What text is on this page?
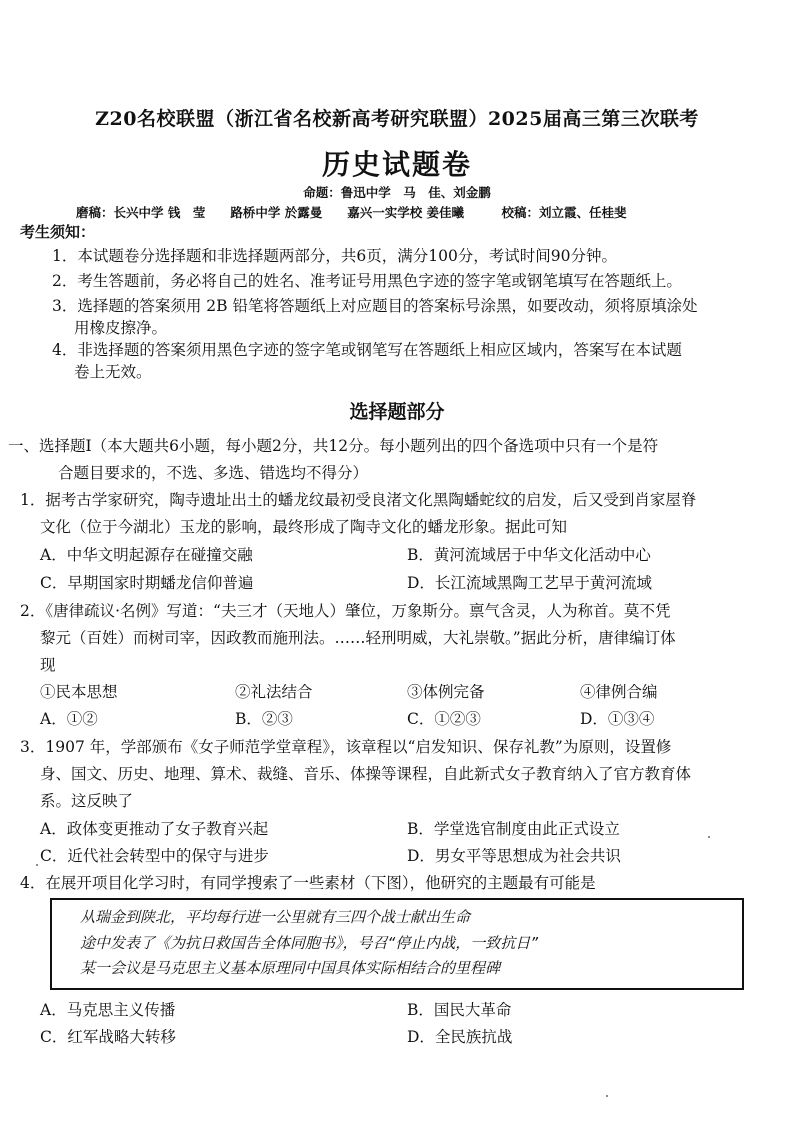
Z20名校联盟（浙江省名校新高考研究联盟）2025届高三第三次联考
历史试题卷
命题：鲁迅中学　马　佳、刘金鹏
磨稿：长兴中学 钱　莹　　路桥中学 於露曼　　嘉兴一实学校 姜佳曦　　　校稿：刘立霞、任桂斐
考生须知：
1．本试题卷分选择题和非选择题两部分，共6页，满分100分，考试时间90分钟。
2．考生答题前，务必将自己的姓名、准考证号用黑色字迹的签字笔或钢笔填写在答题纸上。
3．选择题的答案须用 2B 铅笔将答题纸上对应题目的答案标号涂黑，如要改动，须将原填涂处
用橡皮擦净。
4．非选择题的答案须用黑色字迹的签字笔或钢笔写在答题纸上相应区域内，答案写在本试题
卷上无效。
选择题部分
一、选择题Ⅰ（本大题共6小题，每小题2分，共12分。每小题列出的四个备选项中只有一个是符
合题目要求的，不选、多选、错选均不得分）
1．据考古学家研究，陶寺遗址出土的蟠龙纹最初受良渚文化黑陶蟠蛇纹的启发，后又受到肖家屋脊
文化（位于今湖北）玉龙的影响，最终形成了陶寺文化的蟠龙形象。据此可知
A．中华文明起源存在碰撞交融	B．黄河流域居于中华文化活动中心
C．早期国家时期蟠龙信仰普遍	D．长江流域黑陶工艺早于黄河流域
2．《唐律疏议·名例》写道：“夫三才（天地人）肇位，万象斯分。禀气含灵，人为称首。莫不凭
黎元（百姓）而树司宰，因政教而施刑法。……轻刑明威，大礼崇敬。”据此分析，唐律编订体
现
①民本思想	②礼法结合	③体例完备	④律例合编
A．①②	B．②③	C．①②③	D．①③④
3．1907 年，学部颁布《女子师范学堂章程》，该章程以“启发知识、保存礼教”为原则，设置修
身、国文、历史、地理、算术、裁缝、音乐、体操等课程，自此新式女子教育纳入了官方教育体
系。这反映了
A．政体变更推动了女子教育兴起	B．学堂选官制度由此正式设立
C．近代社会转型中的保守与进步	D．男女平等思想成为社会共识
4．在展开项目化学习时，有同学搜索了一些素材（下图），他研究的主题最有可能是
从瑞金到陕北，平均每行进一公里就有三四个战士献出生命
途中发表了《为抗日救国告全体同胞书》，号召“停止内战，一致抗日”
某一会议是马克思主义基本原理同中国具体实际相结合的里程碑
A．马克思主义传播	B．国民大革命
C．红军战略大转移	D．全民族抗战
